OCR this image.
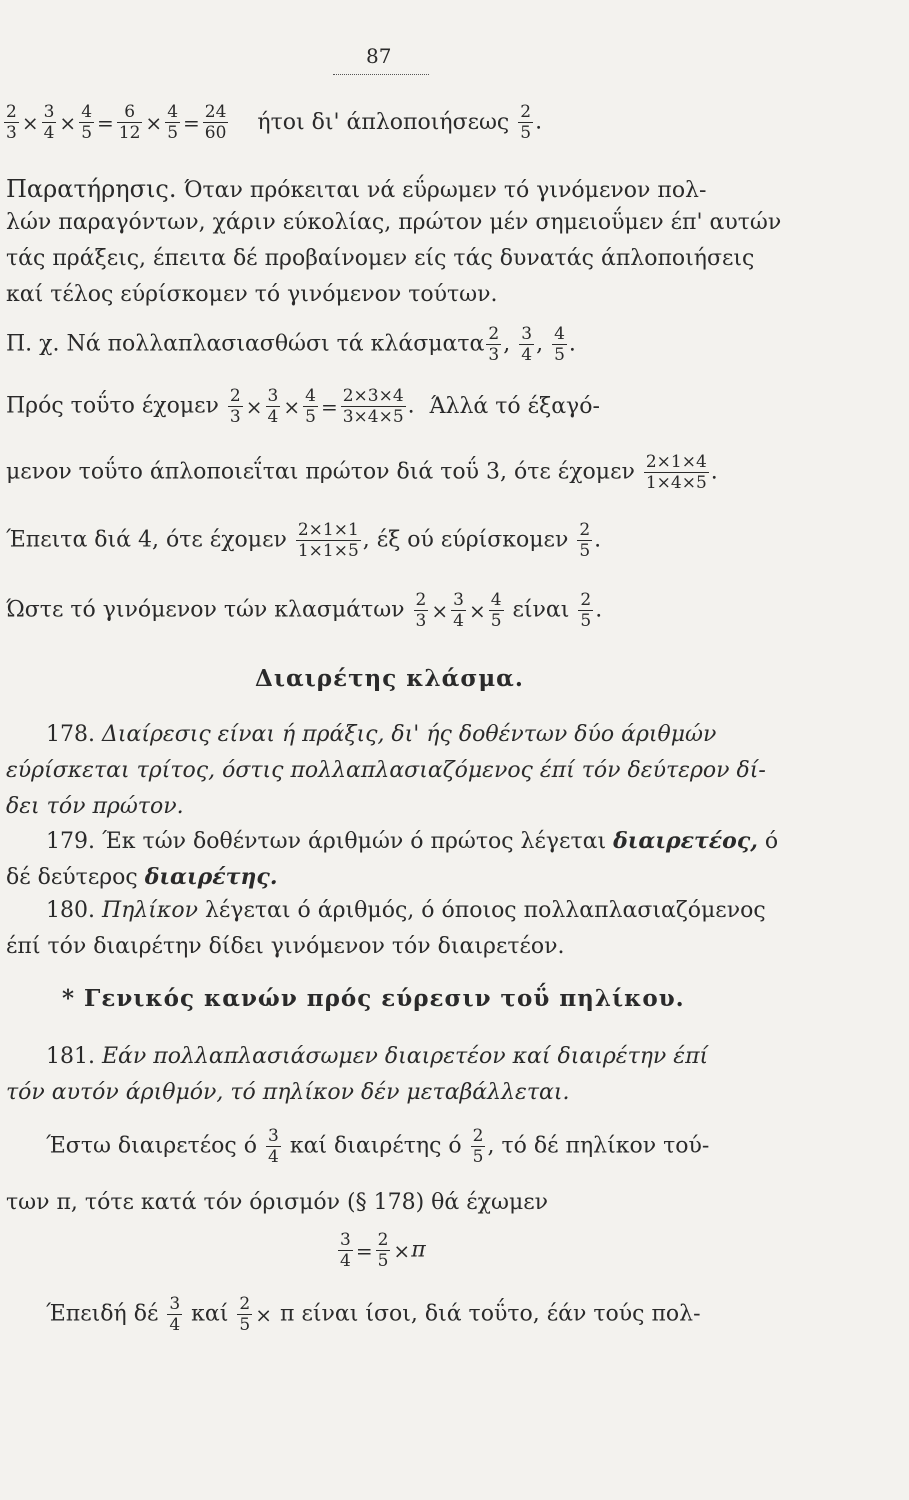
87
$\frac{2}{3} \times \frac{3}{4} \times \frac{4}{5} = \frac{6}{12} \times \frac{4}{5} = \frac{24}{60}$ ήτοι δι' άπλοποιήσεως $\frac{2}{5}$ .
Παρατήρησις. Όταν πρόκειται νά εΰρωμεν τό γινόμενον πολ-
λών παραγόντων, χάριν εύκολίας, πρώτον μέν σημειοΰμεν έπ' αυτών
τάς πράξεις, έπειτα δέ προβαίνομεν είς τάς δυνατάς άπλοποιήσεις
καί τέλος εύρίσκομεν τό γινόμενον τούτων.
Π. χ. Νά πολλαπλασιασθώσι τά κλάσματα $\frac{2}{3}$ , $\frac{3}{4}$ , $\frac{4}{5}$ .
Πρός τοΰτο έχομεν $\frac{2}{3} \times \frac{3}{4} \times \frac{4}{5} = \frac{2\times 3\times 4}{3\times 4\times 5}$ . Άλλά τό έξαγό-
μενον τοΰτο άπλοποιεΐται πρώτον διά τοΰ 3, ότε έχομεν $\frac{2\times 1\times 4}{1\times 4\times 5}$ .
Έπειτα διά 4, ότε έχομεν $\frac{2\times 1\times 1}{1\times 1\times 5}$ , έξ ού εύρίσκομεν $\frac{2}{5}$ .
Ώστε τό γινόμενον τών κλασμάτων $\frac{2}{3} \times \frac{3}{4} \times \frac{4}{5}$ είναι $\frac{2}{5}$ .
Διαιρέτης κλάσμα.
178. Διαίρεσις είναι ή πράξις, δι' ής δοθέντων δύο άριθμών
εύρίσκεται τρίτος, όστις πολλαπλασιαζόμενος έπί τόν δεύτερον δί-
δει τόν πρώτον.
179. Έκ τών δοθέντων άριθμών ό πρώτος λέγεται διαιρετέος, ό
δέ δεύτερος διαιρέτης.
180. Πηλίκον λέγεται ό άριθμός, ό όποιος πολλαπλασιαζόμενος
έπί τόν διαιρέτην δίδει γινόμενον τόν διαιρετέον.
* Γενικός κανών πρός εύρεσιν τοΰ πηλίκου.
181. Εάν πολλαπλασιάσωμεν διαιρετέον καί διαιρέτην έπί
τόν αυτόν άριθμόν, τό πηλίκον δέν μεταβάλλεται.
Έστω διαιρετέος ό $\frac{3}{4}$ καί διαιρέτης ό $\frac{2}{5}$ , τό δέ πηλίκον τού-
των π, τότε κατά τόν όρισμόν (§ 178) θά έχωμεν
$\frac{3}{4} = \frac{2}{5} \times\pi$
Έπειδή δέ $\frac{3}{4}$ καί $\frac{2}{5} \times \pi$ είναι ίσοι, διά τοΰτο, έάν τούς πολ-
